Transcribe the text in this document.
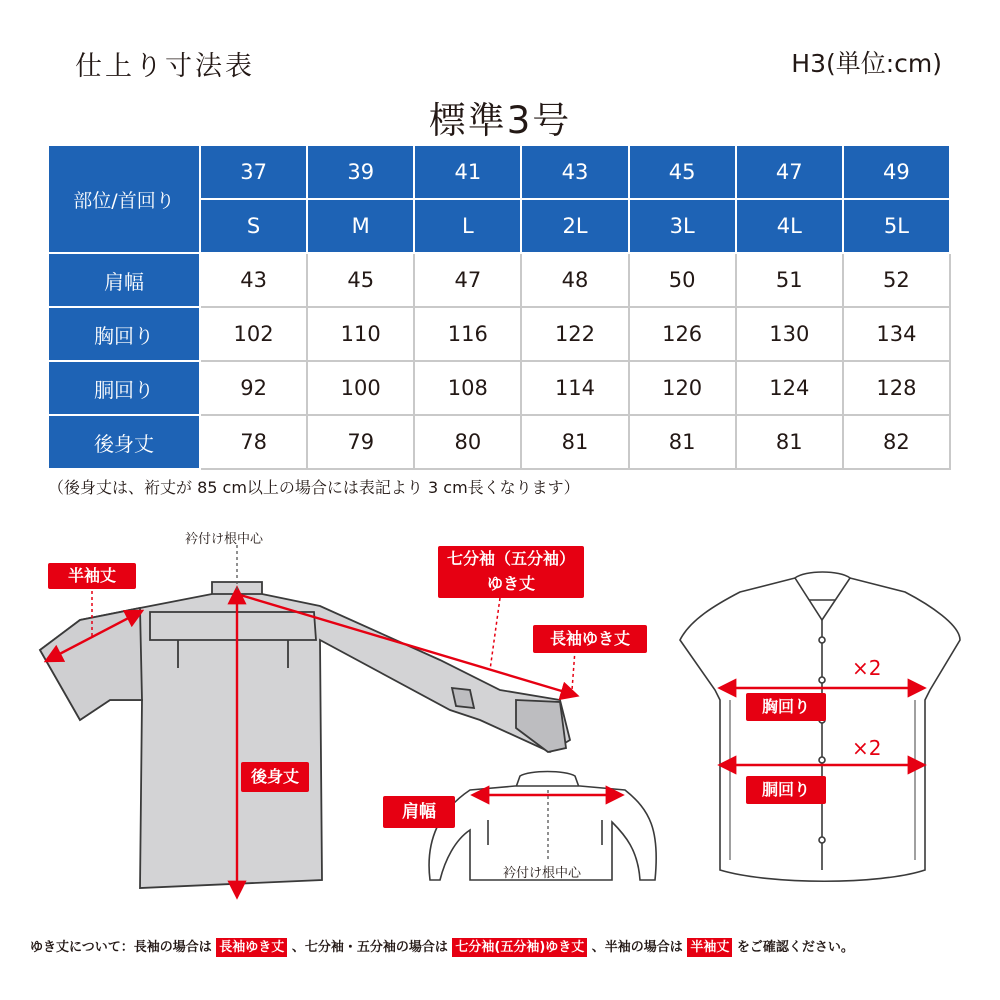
仕上り寸法表	H3(単位:cm)
標準3号
部位/首回り	37	39	41	43	45	47	49
	S	M	L	2L	3L	4L	5L
肩幅	43	45	47	48	50	51	52
胸回り	102	110	116	122	126	130	134
胴回り	92	100	108	114	120	124	128
後身丈	78	79	80	81	81	81	82
（後身丈は、裄丈が 85 cm以上の場合には表記より 3 cm長くなります）
衿付け根中心
半袖丈
七分袖（五分袖）
ゆき丈
長袖ゆき丈
後身丈
肩幅
衿付け根中心
×2
胸回り
×2
胴回り
ゆき丈について：長袖の場合は 長袖ゆき丈 、七分袖・五分袖の場合は 七分袖(五分袖)ゆき丈 、半袖の場合は 半袖丈 をご確認ください。
